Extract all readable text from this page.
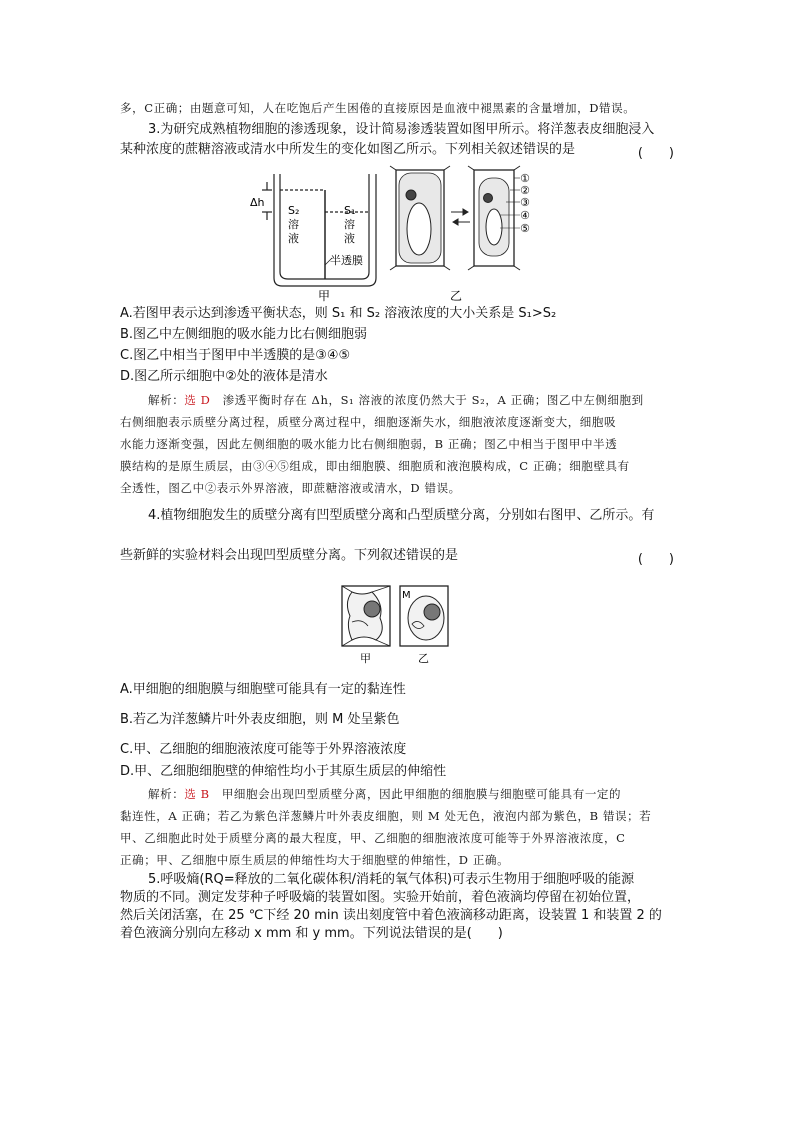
多，C正确；由题意可知，人在吃饱后产生困倦的直接原因是血液中褪黑素的含量增加，D错误。
3.为研究成熟植物细胞的渗透现象，设计简易渗透装置如图甲所示。将洋葱表皮细胞浸入
某种浓度的蔗糖溶液或清水中所发生的变化如图乙所示。下列相关叙述错误的是	(　　)
Δh
S₂
溶
液
S₁
溶
液
半透膜
甲
①
②
③
④
⑤
乙
A.若图甲表示达到渗透平衡状态，则 S₁ 和 S₂ 溶液浓度的大小关系是 S₁>S₂
B.图乙中左侧细胞的吸水能力比右侧细胞弱
C.图乙中相当于图甲中半透膜的是③④⑤
D.图乙所示细胞中②处的液体是清水
解析：选 D　渗透平衡时存在 Δh，S₁ 溶液的浓度仍然大于 S₂，A 正确；图乙中左侧细胞到
右侧细胞表示质壁分离过程，质壁分离过程中，细胞逐渐失水，细胞液浓度逐渐变大，细胞吸
水能力逐渐变强，因此左侧细胞的吸水能力比右侧细胞弱，B 正确；图乙中相当于图甲中半透
膜结构的是原生质层，由③④⑤组成，即由细胞膜、细胞质和液泡膜构成，C 正确；细胞壁具有
全透性，图乙中②表示外界溶液，即蔗糖溶液或清水，D 错误。
4.植物细胞发生的质壁分离有凹型质壁分离和凸型质壁分离，分别如右图甲、乙所示。有
些新鲜的实验材料会出现凹型质壁分离。下列叙述错误的是	(　　)
M
甲	乙
A.甲细胞的细胞膜与细胞壁可能具有一定的黏连性
B.若乙为洋葱鳞片叶外表皮细胞，则 M 处呈紫色
C.甲、乙细胞的细胞液浓度可能等于外界溶液浓度
D.甲、乙细胞细胞壁的伸缩性均小于其原生质层的伸缩性
解析：选 B　甲细胞会出现凹型质壁分离，因此甲细胞的细胞膜与细胞壁可能具有一定的
黏连性，A 正确；若乙为紫色洋葱鳞片叶外表皮细胞，则 M 处无色，液泡内部为紫色，B 错误；若
甲、乙细胞此时处于质壁分离的最大程度，甲、乙细胞的细胞液浓度可能等于外界溶液浓度，C
正确；甲、乙细胞中原生质层的伸缩性均大于细胞壁的伸缩性，D 正确。
5.呼吸熵(RQ=释放的二氧化碳体积/消耗的氧气体积)可表示生物用于细胞呼吸的能源
物质的不同。测定发芽种子呼吸熵的装置如图。实验开始前，着色液滴均停留在初始位置，
然后关闭活塞，在 25 ℃下经 20 min 读出刻度管中着色液滴移动距离，设装置 1 和装置 2 的
着色液滴分别向左移动 x mm 和 y mm。下列说法错误的是(　　)
